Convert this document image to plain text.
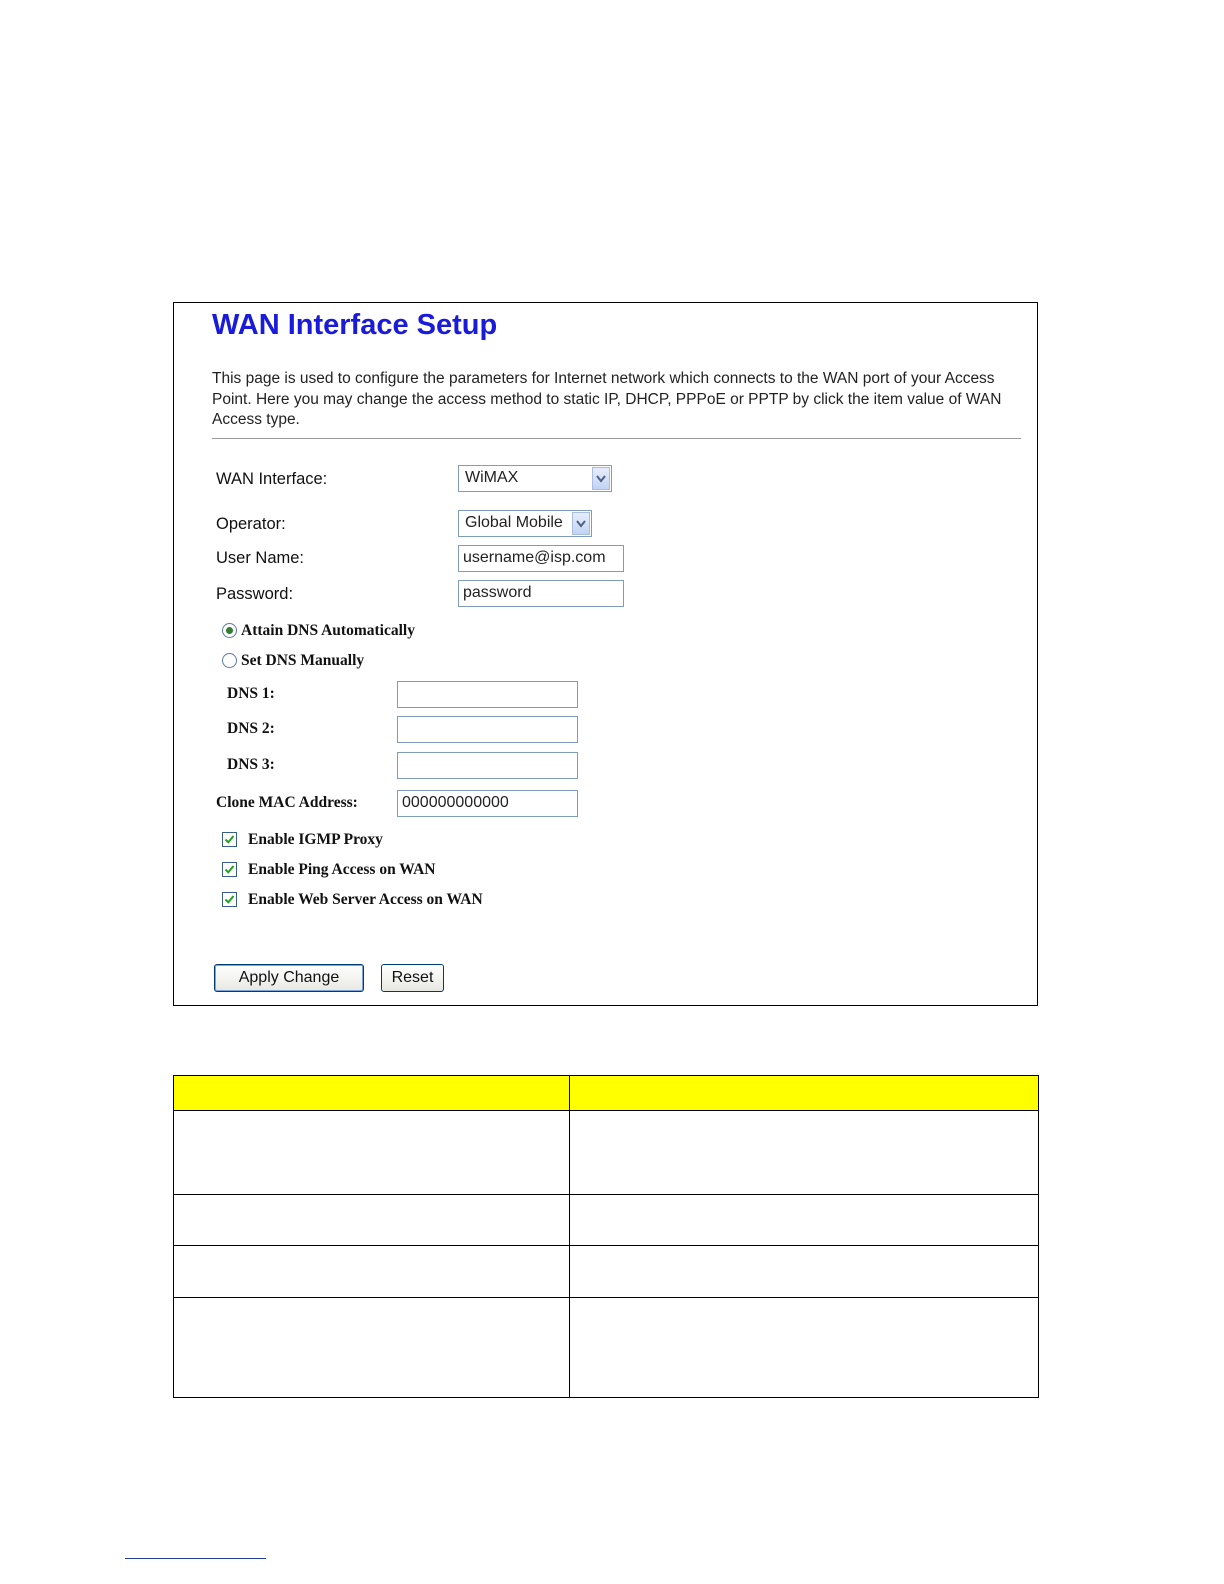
WAN Interface Setup

This page is used to configure the parameters for Internet network which connects to the WAN port of your Access Point. Here you may change the access method to static IP, DHCP, PPPoE or PPTP by click the item value of WAN Access type.

WAN Interface:	WiMAX
Operator:	Global Mobile
User Name:	username@isp.com
Password:	password
Attain DNS Automatically
Set DNS Manually
DNS 1:
DNS 2:
DNS 3:
Clone MAC Address:	000000000000
Enable IGMP Proxy
Enable Ping Access on WAN
Enable Web Server Access on WAN
Apply Change	Reset
